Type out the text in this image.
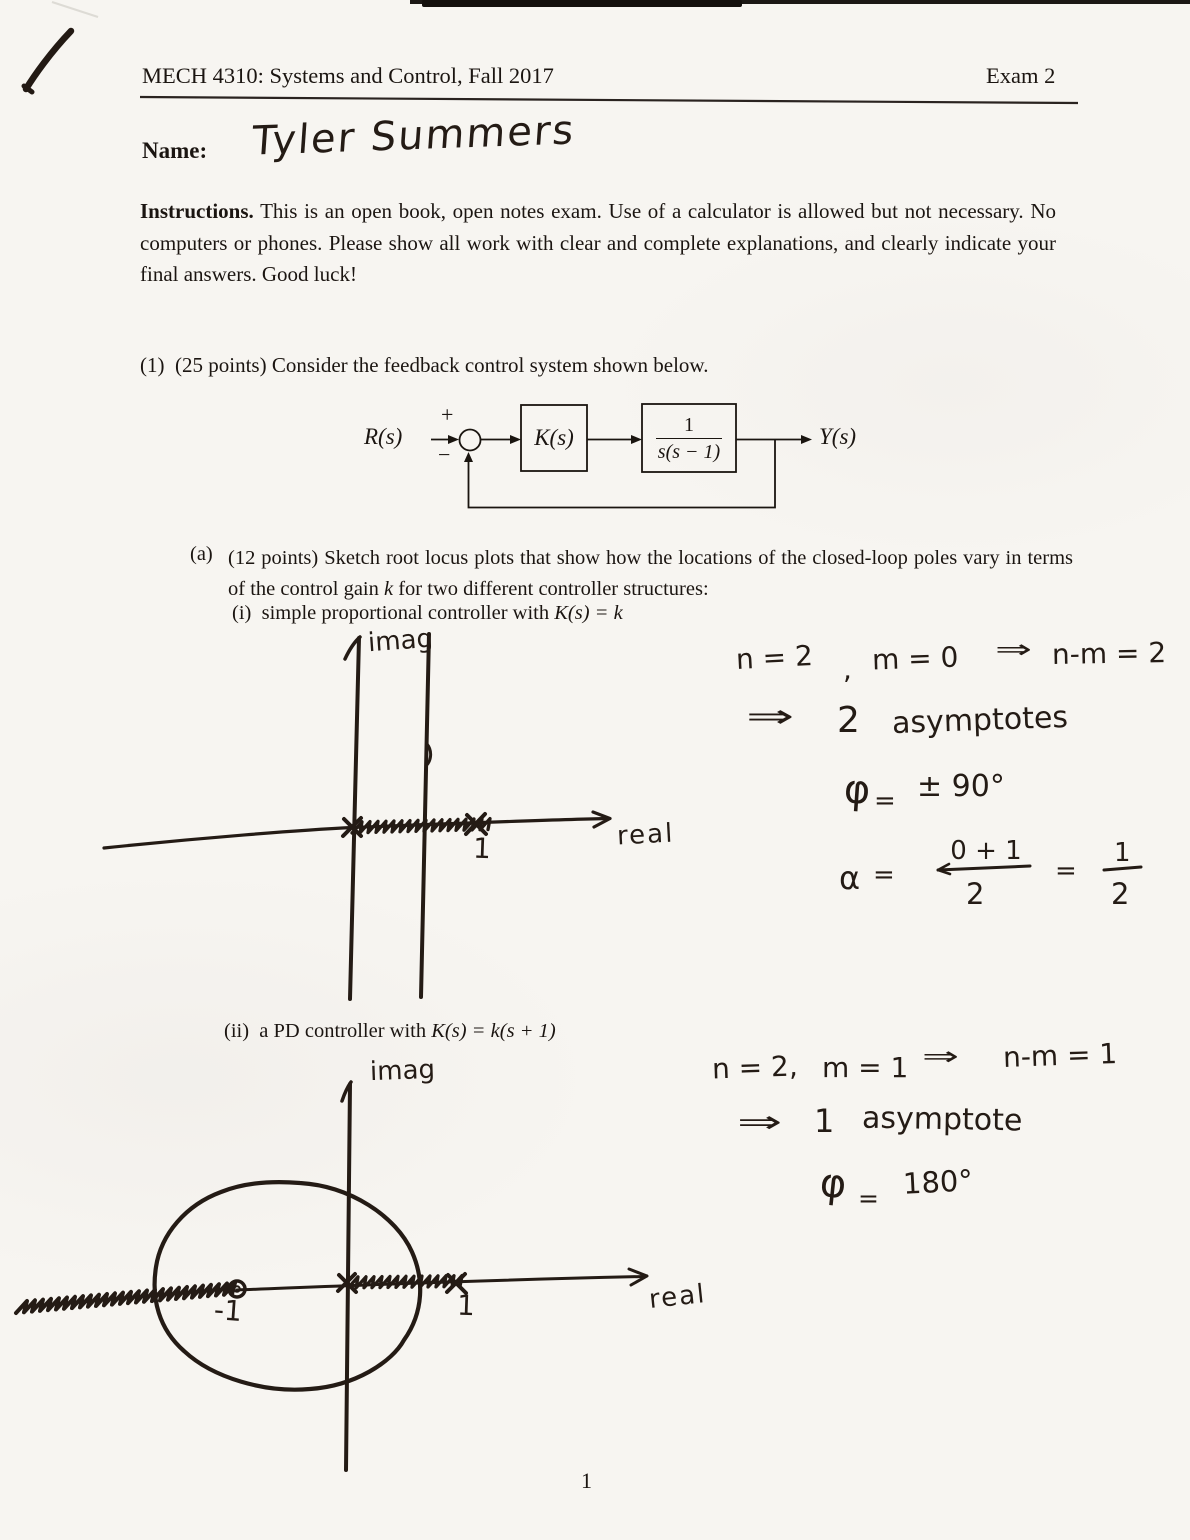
MECH 4310: Systems and Control, Fall 2017	Exam 2
Name: Tyler Summers
Instructions. This is an open book, open notes exam. Use of a calculator is allowed but not necessary. No computers or phones. Please show all work with clear and complete explanations, and clearly indicate your final answers. Good luck!
(1) (25 points) Consider the feedback control system shown below.
R(s)
+
−
K(s)
1
s(s − 1)
Y(s)
(a) (12 points) Sketch root locus plots that show how the locations of the closed-loop poles vary in terms of the control gain k for two different controller structures:
(i) simple proportional controller with K(s) = k
(ii) a PD controller with K(s) = k(s + 1)
imag
real
1
n = 2 , m = 0 ⇒ n-m = 2
⇒ 2 asymptotes
φ = ± 90°
α =
0 + 1
2
=
1
2
n = 2, m = 1 ⇒ n-m = 1
⇒ 1 asymptote
φ = 180°
imag
real
-1	1
1
